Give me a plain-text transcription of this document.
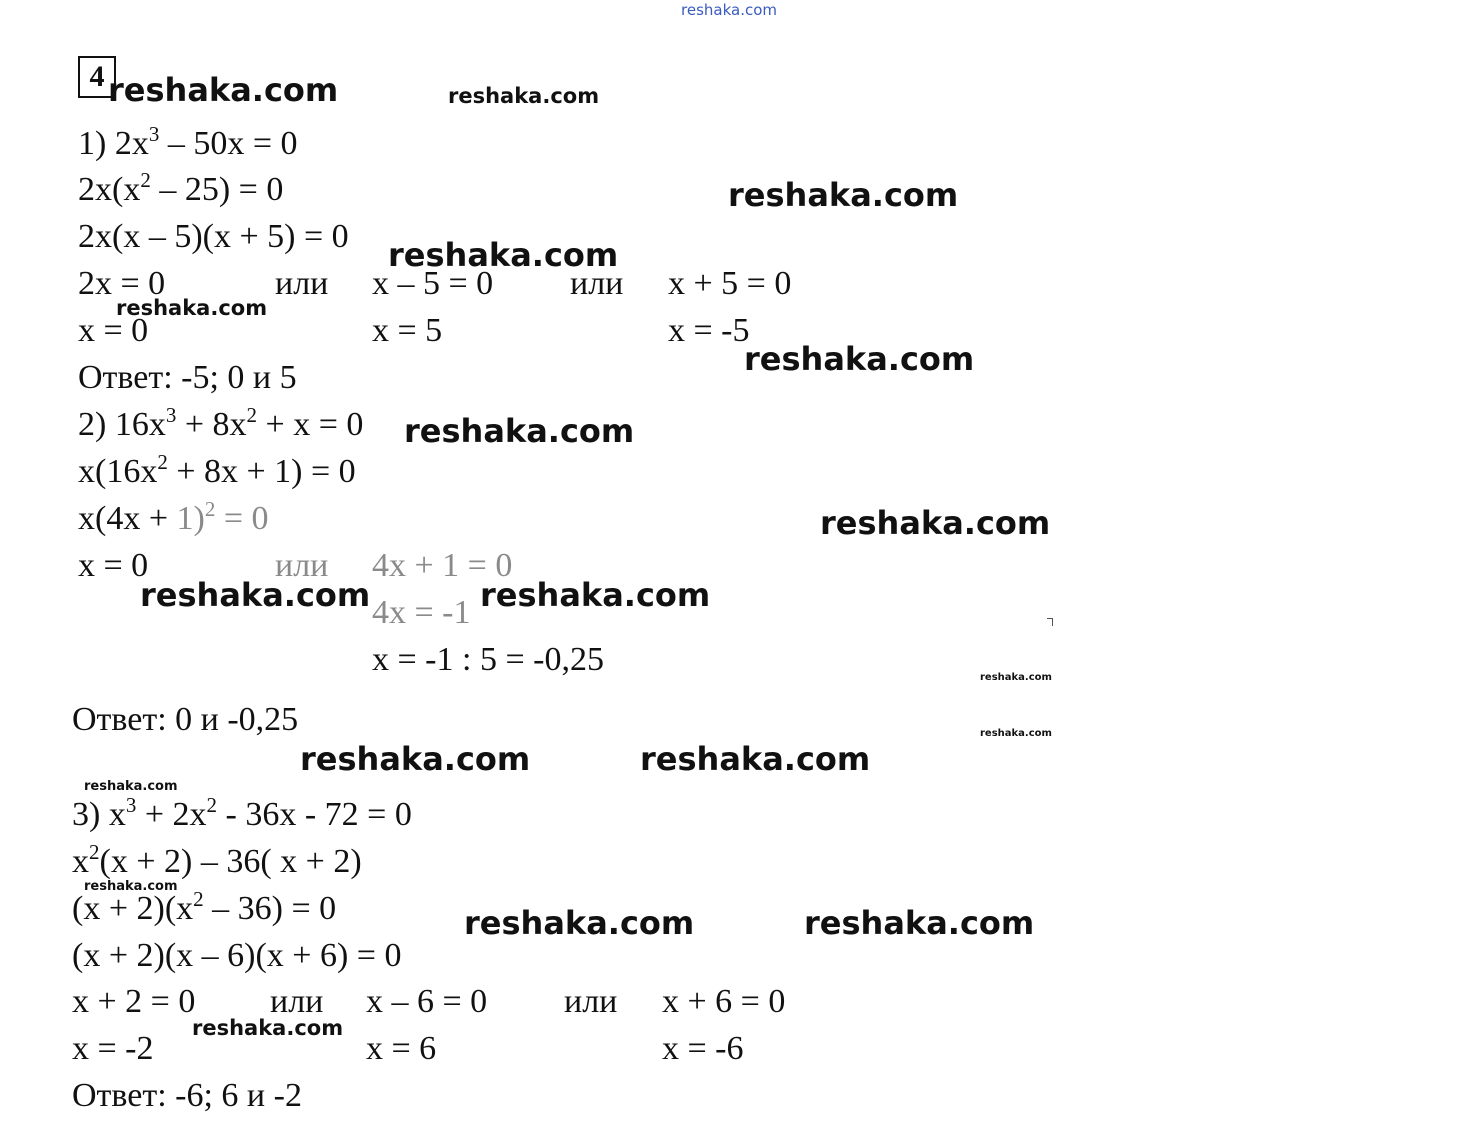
reshaka.com
4
1) $2x^3 - 50x = 0$
$2x(x^2 - 25) = 0$
2x(x – 5)(x + 5) = 0
2x = 0	или x – 5 = 0 или x + 5 = 0
x = 0	x = 5	x = -5
Ответ: -5; 0 и 5
2) $16x^3 + 8x^2 + x = 0$
$x(16x^2 + 8x + 1) = 0$
$x(4x + 1)^2 = 0$
x = 0	или 4x + 1 = 0
4x = -1
x = -1 : 5 = -0,25
Ответ: 0 и -0,25
3) $x^3 + 2x^2 - 36x - 72 = 0$
$x^2(x + 2) - 36$( x + 2)
$(x + 2)(x^2 - 36) = 0$
(x + 2)(x – 6)(x + 6) = 0
x + 2 = 0 или x – 6 = 0 или x + 6 = 0
x = -2	x = 6	x = -6
Ответ: -6; 6 и -2
reshaka.com	reshaka.com
reshaka.com
reshaka.com
reshaka.com
reshaka.com
reshaka.com
reshaka.com
reshaka.com	reshaka.com
reshaka.com
reshaka.com
reshaka.com	reshaka.com
reshaka.com
reshaka.com
reshaka.com	reshaka.com
reshaka.com
